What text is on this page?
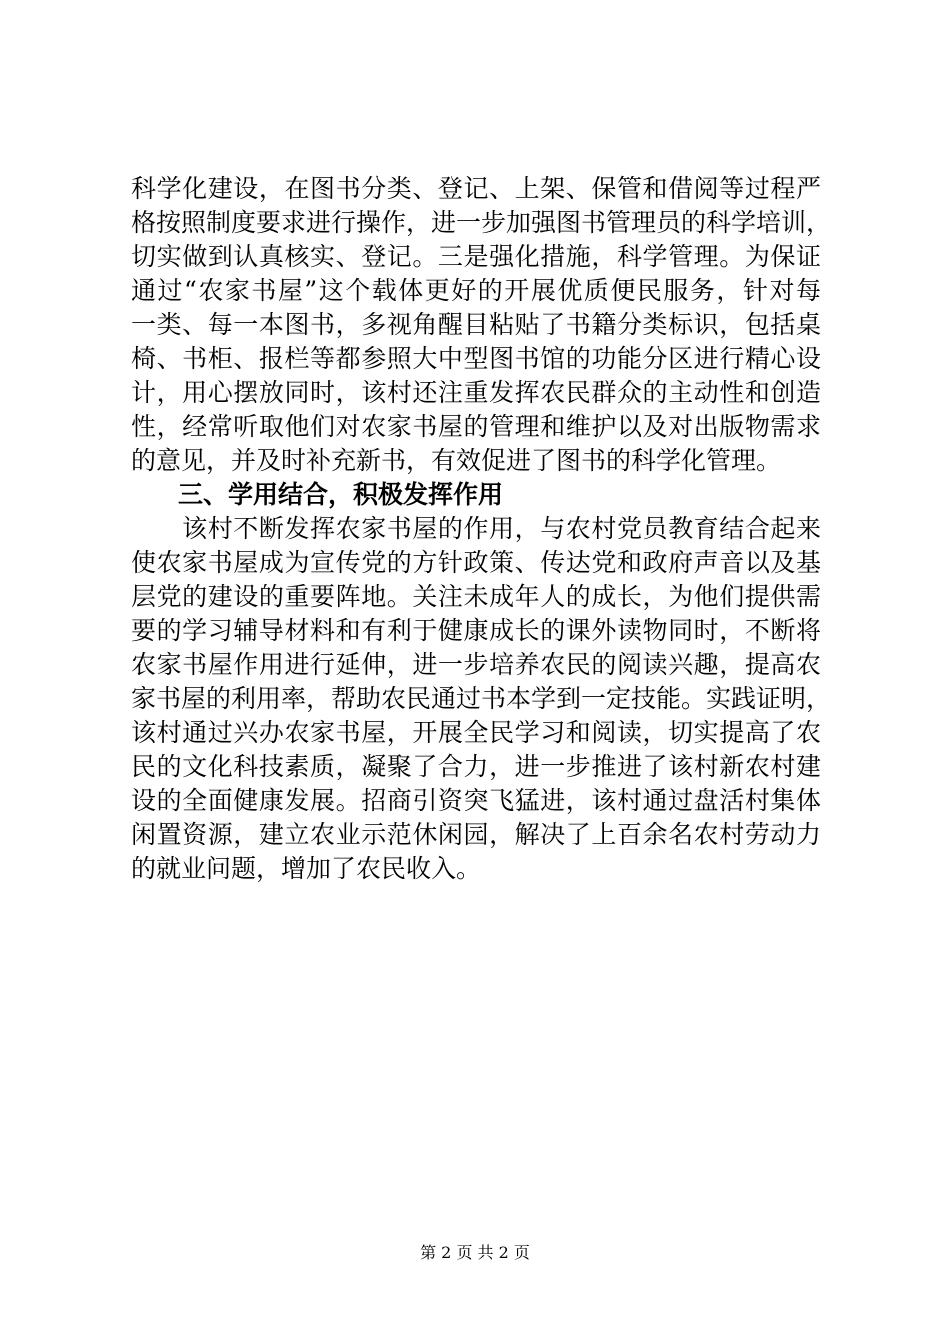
科学化建设，在图书分类、登记、上架、保管和借阅等过程严
格按照制度要求进行操作，进一步加强图书管理员的科学培训，
切实做到认真核实、登记。三是强化措施，科学管理。为保证
通过“农家书屋”这个载体更好的开展优质便民服务，针对每
一类、每一本图书，多视角醒目粘贴了书籍分类标识，包括桌
椅、书柜、报栏等都参照大中型图书馆的功能分区进行精心设
计，用心摆放同时，该村还注重发挥农民群众的主动性和创造
性，经常听取他们对农家书屋的管理和维护以及对出版物需求
的意见，并及时补充新书，有效促进了图书的科学化管理。
三、学用结合，积极发挥作用
　　该村不断发挥农家书屋的作用，与农村党员教育结合起来
使农家书屋成为宣传党的方针政策、传达党和政府声音以及基
层党的建设的重要阵地。关注未成年人的成长，为他们提供需
要的学习辅导材料和有利于健康成长的课外读物同时，不断将
农家书屋作用进行延伸，进一步培养农民的阅读兴趣，提高农
家书屋的利用率，帮助农民通过书本学到一定技能。实践证明，
该村通过兴办农家书屋，开展全民学习和阅读，切实提高了农
民的文化科技素质，凝聚了合力，进一步推进了该村新农村建
设的全面健康发展。招商引资突飞猛进，该村通过盘活村集体
闲置资源，建立农业示范休闲园，解决了上百余名农村劳动力
的就业问题，增加了农民收入。
第 2 页 共 2 页
